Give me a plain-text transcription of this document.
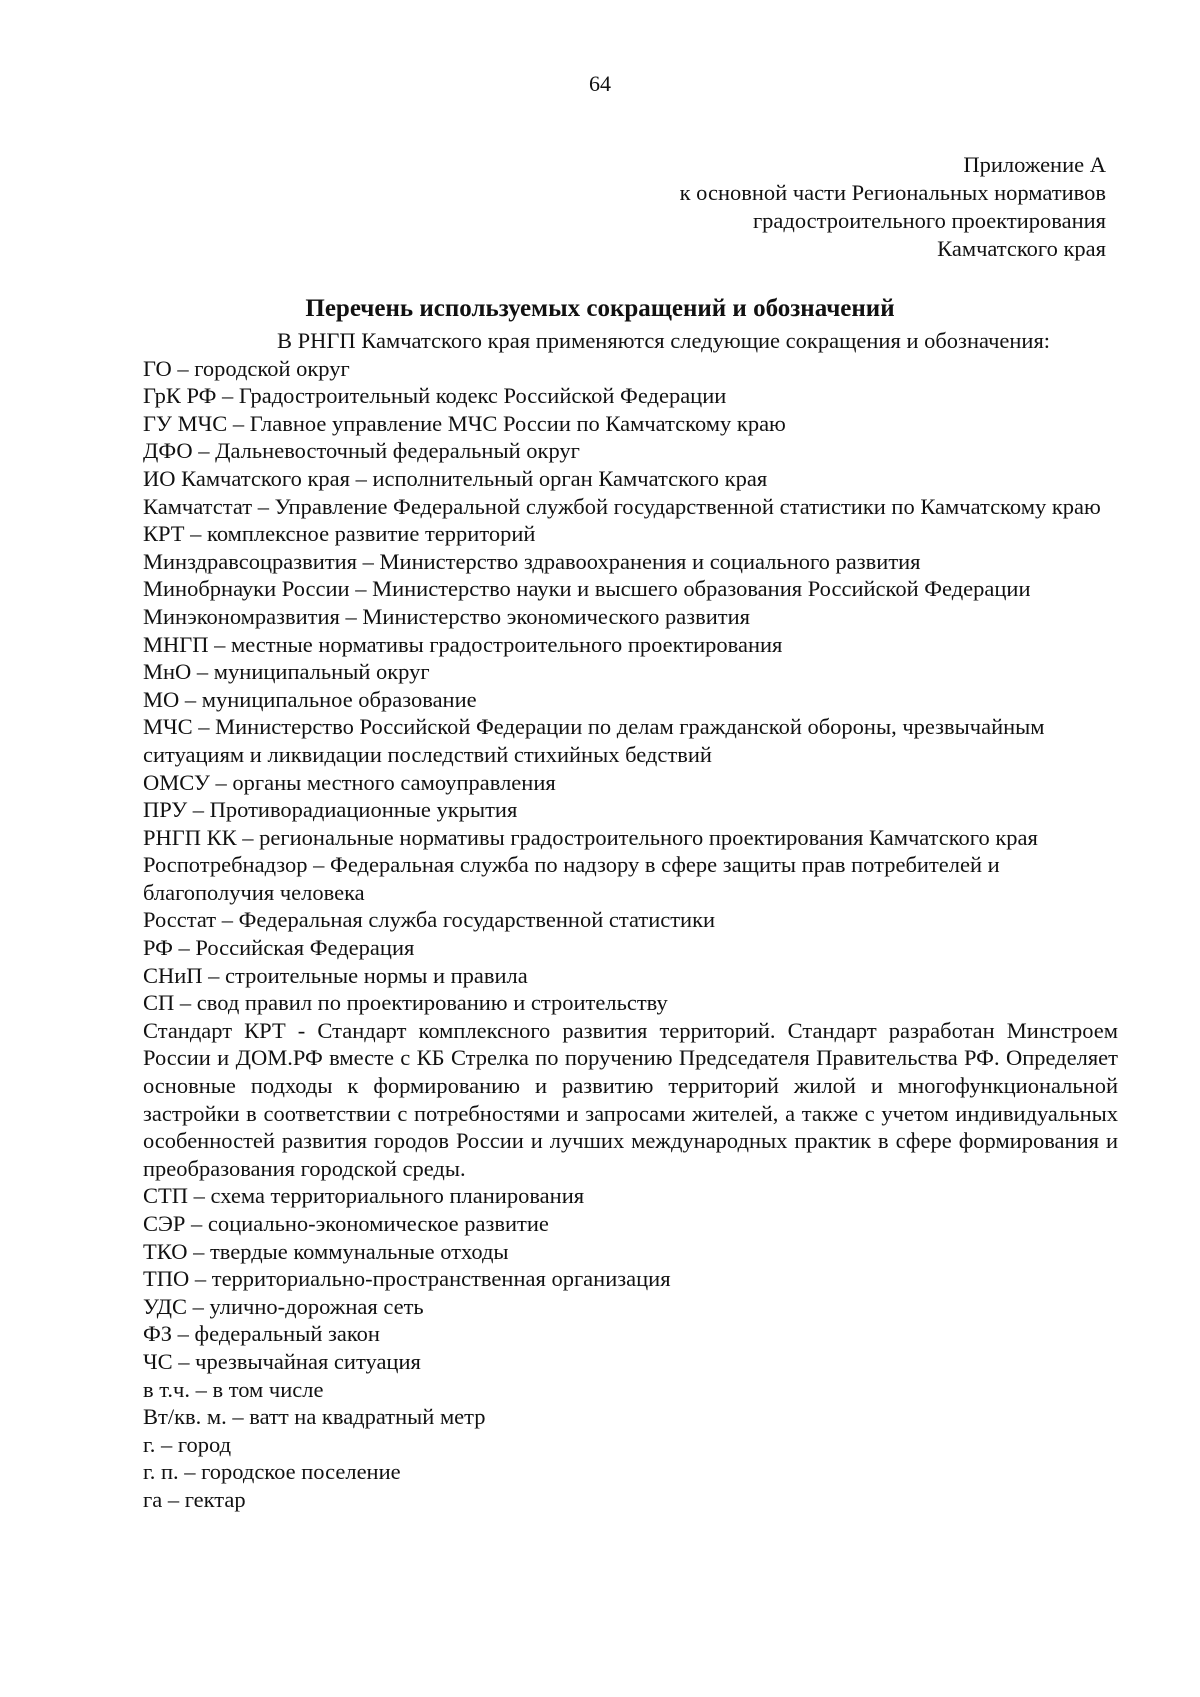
64
Приложение А
к основной части Региональных нормативов
градостроительного проектирования
Камчатского края
Перечень используемых сокращений и обозначений
В РНГП Камчатского края применяются следующие сокращения и обозначения:
ГО – городской округ
ГрК РФ – Градостроительный кодекс Российской Федерации
ГУ МЧС – Главное управление МЧС России по Камчатскому краю
ДФО – Дальневосточный федеральный округ
ИО Камчатского края – исполнительный орган Камчатского края
Камчатстат – Управление Федеральной службой государственной статистики по Камчатскому краю
КРТ – комплексное развитие территорий
Минздравсоцразвития – Министерство здравоохранения и социального развития
Минобрнауки России – Министерство науки и высшего образования Российской Федерации
Минэкономразвития – Министерство экономического развития
МНГП – местные нормативы градостроительного проектирования
МнО – муниципальный округ
МО – муниципальное образование
МЧС – Министерство Российской Федерации по делам гражданской обороны, чрезвычайным ситуациям и ликвидации последствий стихийных бедствий
ОМСУ – органы местного самоуправления
ПРУ – Противорадиационные укрытия
РНГП КК – региональные нормативы градостроительного проектирования Камчатского края
Роспотребнадзор – Федеральная служба по надзору в сфере защиты прав потребителей и благополучия человека
Росстат – Федеральная служба государственной статистики
РФ – Российская Федерация
СНиП – строительные нормы и правила
СП – свод правил по проектированию и строительству
Стандарт КРТ - Стандарт комплексного развития территорий. Стандарт разработан Минстроем России и ДОМ.РФ вместе с КБ Стрелка по поручению Председателя Правительства РФ. Определяет основные подходы к формированию и развитию территорий жилой и многофункциональной застройки в соответствии с потребностями и запросами жителей, а также с учетом индивидуальных особенностей развития городов России и лучших международных практик в сфере формирования и преобразования городской среды.
СТП – схема территориального планирования
СЭР – социально-экономическое развитие
ТКО – твердые коммунальные отходы
ТПО – территориально-пространственная организация
УДС – улично-дорожная сеть
ФЗ – федеральный закон
ЧС – чрезвычайная ситуация
в т.ч. – в том числе
Вт/кв. м. – ватт на квадратный метр
г. – город
г. п. – городское поселение
га – гектар
